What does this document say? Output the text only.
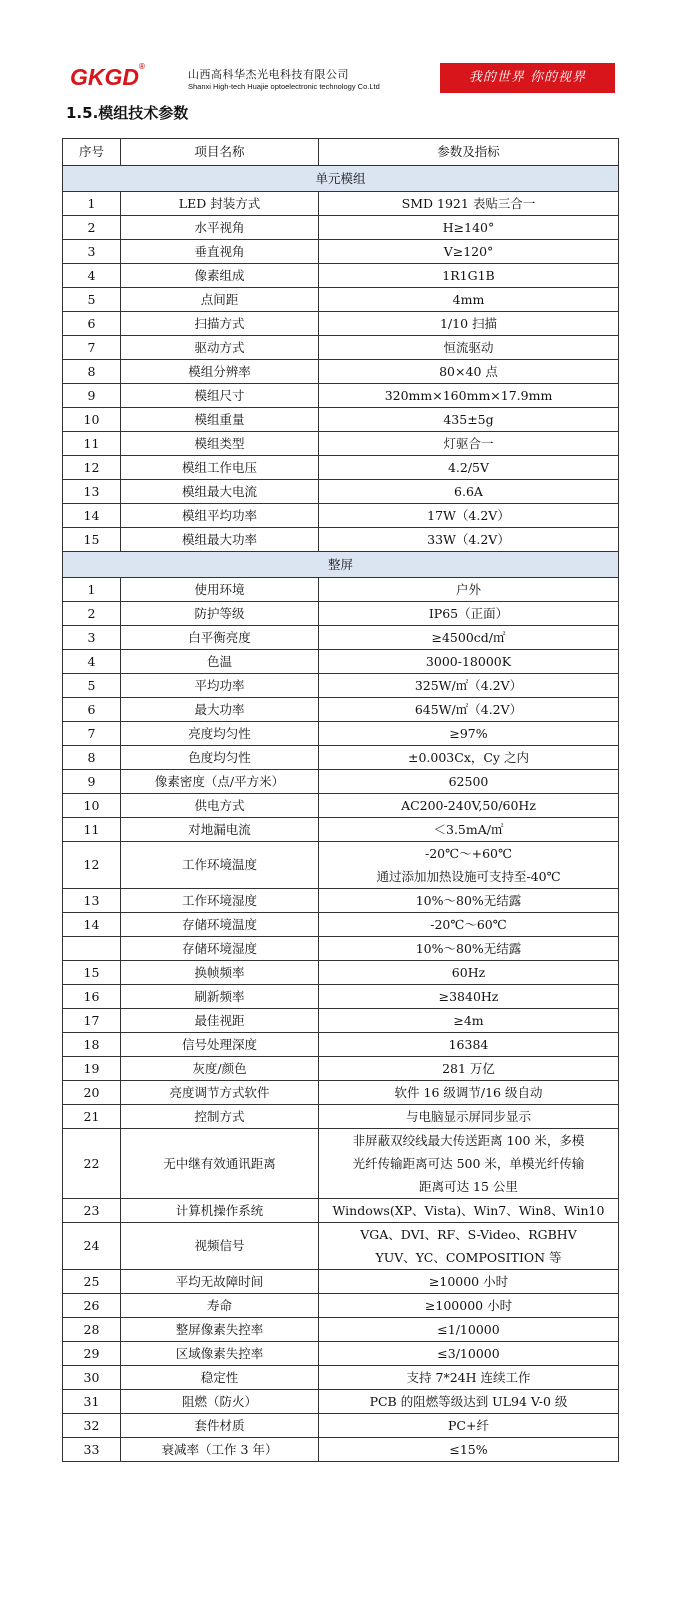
GKGD®
山西高科华杰光电科技有限公司
Shanxi High-tech Huajie optoelectronic technology Co.Ltd
我的世界 你的视界
1.5.模组技术参数
序号	项目名称	参数及指标
单元模组		
1	LED 封装方式	SMD 1921 表贴三合一

2	水平视角	H≥140°

3	垂直视角	V≥120°

4	像素组成	1R1G1B

5	点间距	4mm

6	扫描方式	1/10 扫描

7	驱动方式	恒流驱动

8	模组分辨率	80×40 点

9	模组尺寸	320mm×160mm×17.9mm

10	模组重量	435±5g

11	模组类型	灯驱合一

12	模组工作电压	4.2/5V

13	模组最大电流	6.6A

14	模组平均功率	17W（4.2V）

15	模组最大功率	33W（4.2V）

整屏		
1	使用环境	户外

2	防护等级	IP65（正面）

3	白平衡亮度	≥4500cd/㎡

4	色温	3000-18000K

5	平均功率	325W/㎡（4.2V）

6	最大功率	645W/㎡（4.2V）

7	亮度均匀性	≥97%

8	色度均匀性	±0.003Cx，Cy 之内

9	像素密度（点/平方米）	62500

10	供电方式	AC200-240V,50/60Hz

11	对地漏电流	＜3.5mA/㎡

12	工作环境温度	-20℃～+60℃
通过添加加热设施可支持至-40℃

13	工作环境湿度	10%～80%无结露

14	存储环境温度	-20℃～60℃

	存储环境湿度	10%～80%无结露

15	换帧频率	60Hz

16	刷新频率	≥3840Hz

17	最佳视距	≥4m

18	信号处理深度	16384

19	灰度/颜色	281 万亿

20	亮度调节方式软件	软件 16 级调节/16 级自动

21	控制方式	与电脑显示屏同步显示

22	无中继有效通讯距离	非屏蔽双绞线最大传送距离 100 米，多模
光纤传输距离可达 500 米，单模光纤传输
距离可达 15 公里

23	计算机操作系统	Windows(XP、Vista)、Win7、Win8、Win10

24	视频信号	VGA、DVI、RF、S-Video、RGBHV
YUV、YC、COMPOSITION 等

25	平均无故障时间	≥10000 小时

26	寿命	≥100000 小时

28	整屏像素失控率	≤1/10000

29	区域像素失控率	≤3/10000

30	稳定性	支持 7*24H 连续工作

31	阻燃（防火）	PCB 的阻燃等级达到 UL94 V-0 级

32	套件材质	PC+纤

33	衰减率（工作 3 年）	≤15%
